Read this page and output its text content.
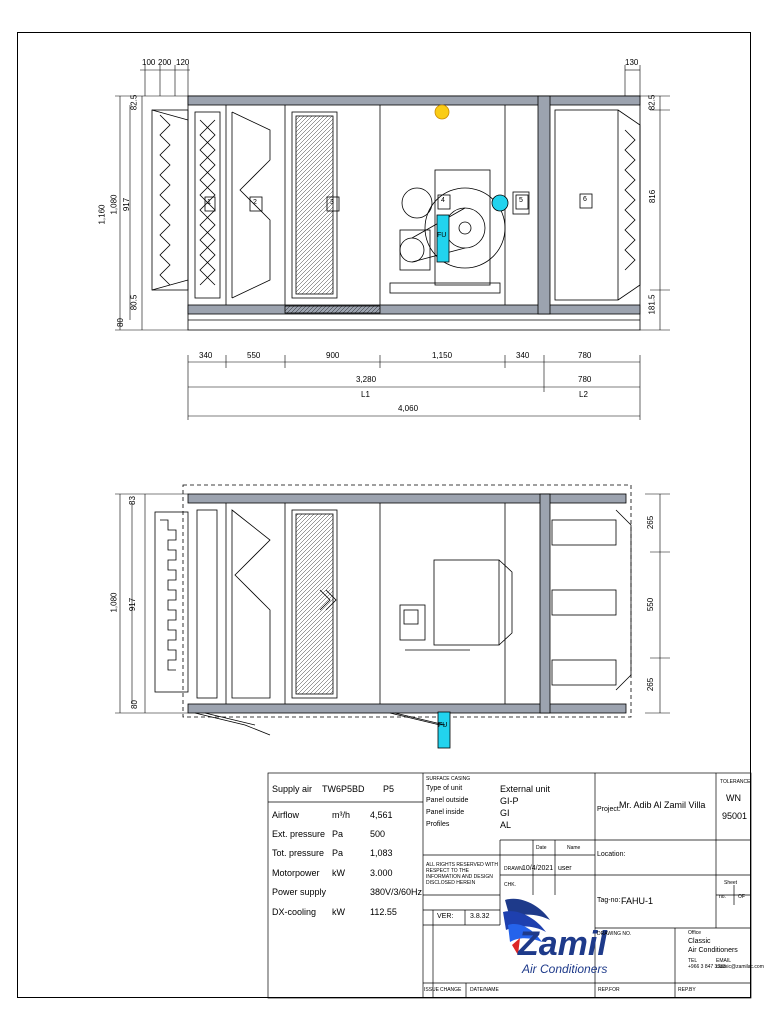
100 200 120	130
1,160 1,080 917
82.5
80.5
80
82.5
816
181.5
1	2	3	4	5	6
FU
340	550	900	1,150	340	780
3,280	780
L1	L2
4,060
83
1,080 917
80
265
550
265
FU
Supply air TW6P5BD P5
Airflow	m³/h 4,561
Ext. pressure Pa	500
Tot. pressure Pa	1,083
Motorpower kW	3.000
Power supply	380V/3/60Hz
DX-cooling kW	112.55
SURFACE CASING
Type of unit	External unit
Panel outside	GI-P
Panel inside	GI
Profiles	AL
ALL RIGHTS RESERVED WITH RESPECT TO THE INFORMATION AND DESIGN DISCLOSED HEREIN
Date	Name
DRAWN 10/4/2021 user
CHK.
VER: 3.8.32
ISSUE CHANGE DATE/NAME
Zamil
Air Conditioners
Project:
Mr. Adib Al Zamil Villa
Location:
Tag-no: FAHU-1
TOLERANCE
WN
95001
Sheet
no. OF
DRAWING NO.	Office
Classic
Air Conditioners
TEL
+966 3 847 3333
EMAIL
classic@zamilac.com
REP.FOR	REP.BY
